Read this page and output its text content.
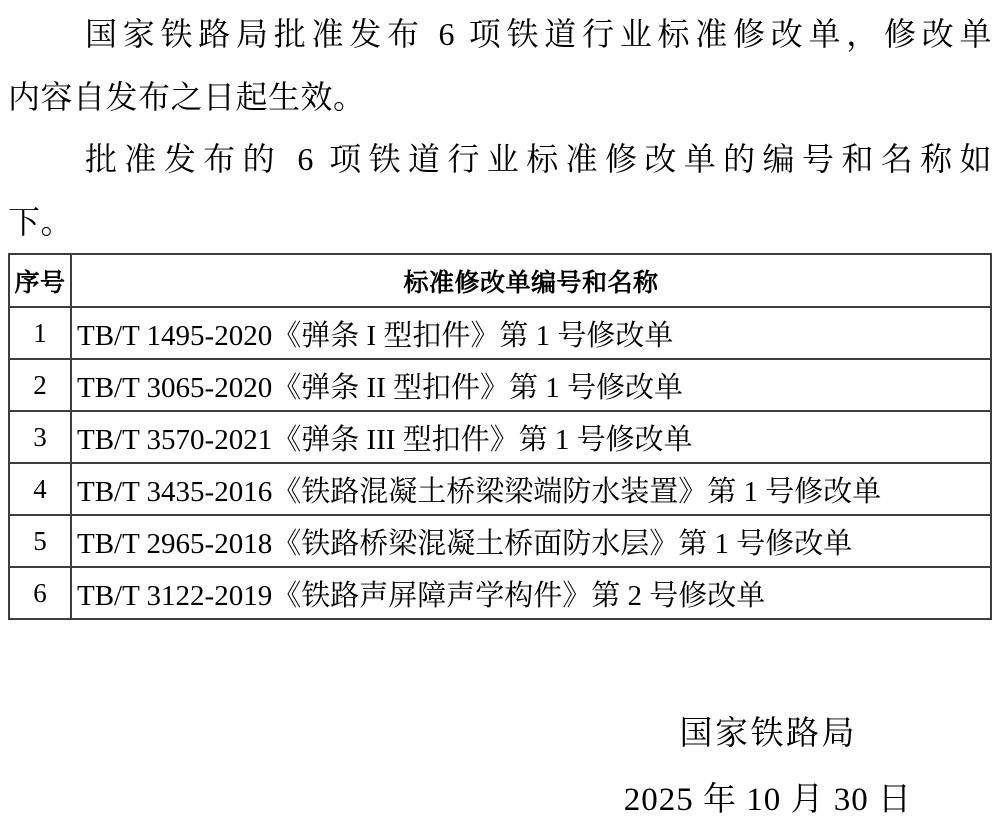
国家铁路局批准发布 6 项铁道行业标准修改单，修改单
内容自发布之日起生效。
批准发布的 6 项铁道行业标准修改单的编号和名称如
下。
序号	标准修改单编号和名称
1	TB/T 1495-2020《弹条 I 型扣件》第 1 号修改单
2	TB/T 3065-2020《弹条 II 型扣件》第 1 号修改单
3	TB/T 3570-2021《弹条 III 型扣件》第 1 号修改单
4	TB/T 3435-2016《铁路混凝土桥梁梁端防水装置》第 1 号修改单
5	TB/T 2965-2018《铁路桥梁混凝土桥面防水层》第 1 号修改单
6	TB/T 3122-2019《铁路声屏障声学构件》第 2 号修改单
国家铁路局
2025 年 10 月 30 日
